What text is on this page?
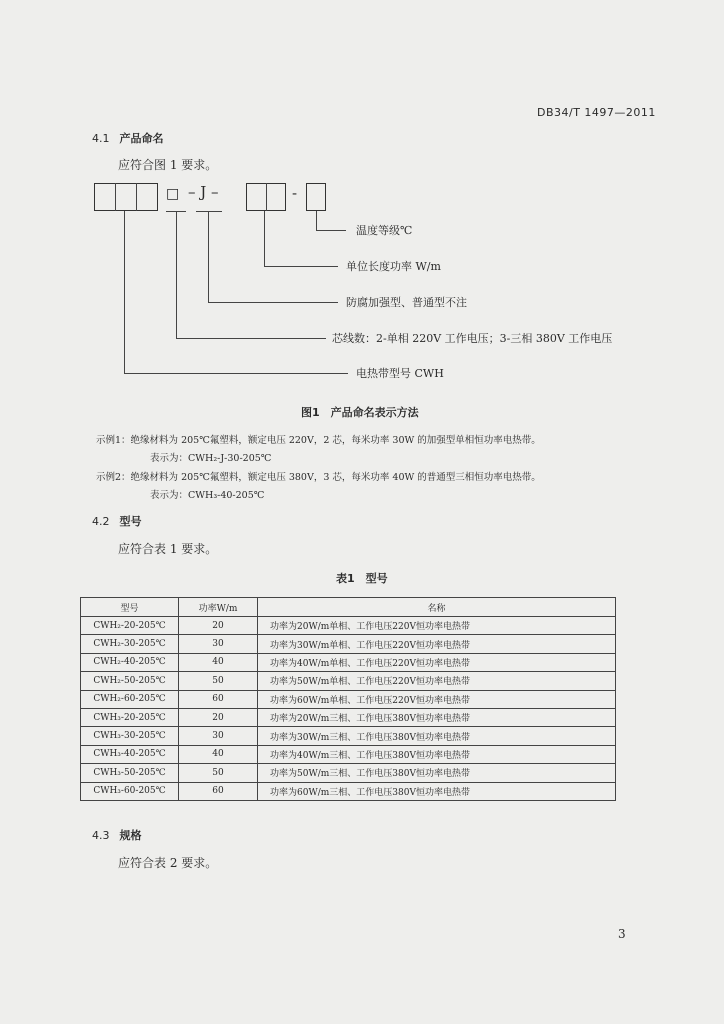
DB34/T 1497—2011
4.1 产品命名
应符合图 1 要求。
□ – J –	-
温度等级℃
单位长度功率 W/m
防腐加强型、普通型不注
芯线数：2-单相 220V 工作电压；3-三相 380V 工作电压
电热带型号 CWH
图1　产品命名表示方法
示例1：绝缘材料为 205℃氟塑料，额定电压 220V，2 芯，每米功率 30W 的加强型单相恒功率电热带。
表示为：CWH₂-J-30-205℃
示例2：绝缘材料为 205℃氟塑料，额定电压 380V，3 芯，每米功率 40W 的普通型三相恒功率电热带。
表示为：CWH₃-40-205℃
4.2 型号
应符合表 1 要求。
表1　型号
型号	功率W/m	名称
CWH₂-20-205℃	20	功率为20W/m单相、工作电压220V恒功率电热带
CWH₂-30-205℃	30	功率为30W/m单相、工作电压220V恒功率电热带
CWH₂-40-205℃	40	功率为40W/m单相、工作电压220V恒功率电热带
CWH₂-50-205℃	50	功率为50W/m单相、工作电压220V恒功率电热带
CWH₂-60-205℃	60	功率为60W/m单相、工作电压220V恒功率电热带
CWH₃-20-205℃	20	功率为20W/m三相、工作电压380V恒功率电热带
CWH₃-30-205℃	30	功率为30W/m三相、工作电压380V恒功率电热带
CWH₃-40-205℃	40	功率为40W/m三相、工作电压380V恒功率电热带
CWH₃-50-205℃	50	功率为50W/m三相、工作电压380V恒功率电热带
CWH₃-60-205℃	60	功率为60W/m三相、工作电压380V恒功率电热带
4.3 规格
应符合表 2 要求。
3
